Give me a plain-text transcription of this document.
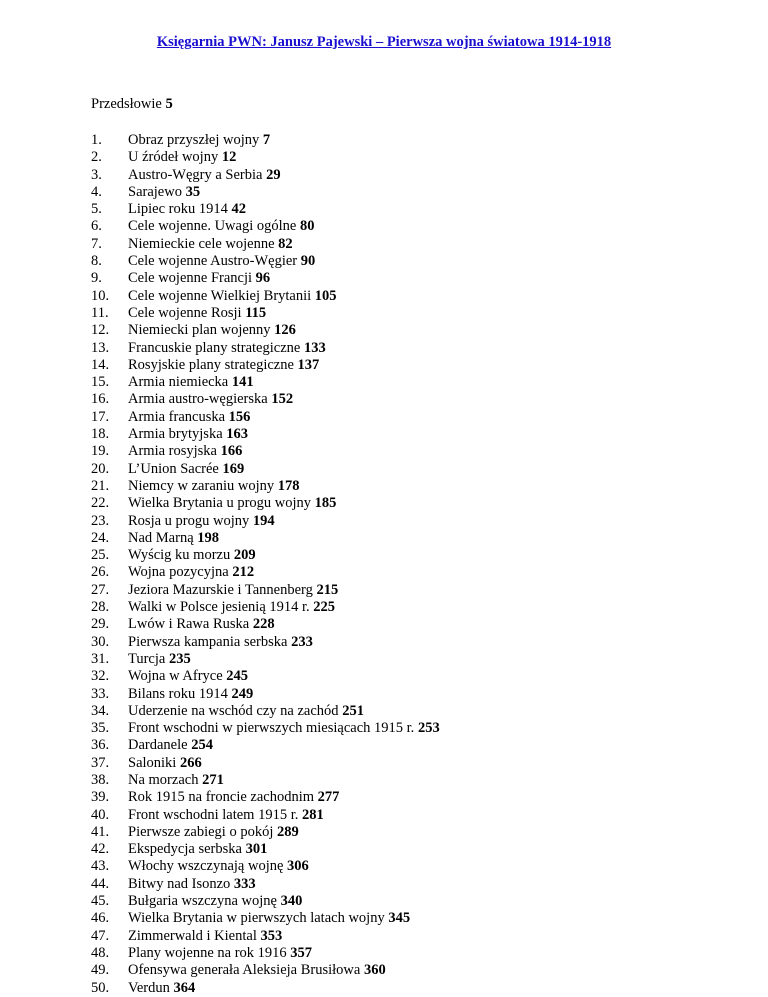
Księgarnia PWN: Janusz Pajewski – Pierwsza wojna światowa 1914-1918
Przedsłowie 5
1. Obraz przyszłej wojny 7
2. U źródeł wojny 12
3. Austro-Węgry a Serbia 29
4. Sarajewo 35
5. Lipiec roku 1914 42
6. Cele wojenne. Uwagi ogólne 80
7. Niemieckie cele wojenne 82
8. Cele wojenne Austro-Węgier 90
9. Cele wojenne Francji 96
10. Cele wojenne Wielkiej Brytanii 105
11. Cele wojenne Rosji 115
12. Niemiecki plan wojenny 126
13. Francuskie plany strategiczne 133
14. Rosyjskie plany strategiczne 137
15. Armia niemiecka 141
16. Armia austro-węgierska 152
17. Armia francuska 156
18. Armia brytyjska 163
19. Armia rosyjska 166
20. L’Union Sacrée 169
21. Niemcy w zaraniu wojny 178
22. Wielka Brytania u progu wojny 185
23. Rosja u progu wojny 194
24. Nad Marną 198
25. Wyścig ku morzu 209
26. Wojna pozycyjna 212
27. Jeziora Mazurskie i Tannenberg 215
28. Walki w Polsce jesienią 1914 r. 225
29. Lwów i Rawa Ruska 228
30. Pierwsza kampania serbska 233
31. Turcja 235
32. Wojna w Afryce 245
33. Bilans roku 1914 249
34. Uderzenie na wschód czy na zachód 251
35. Front wschodni w pierwszych miesiącach 1915 r. 253
36. Dardanele 254
37. Saloniki 266
38. Na morzach 271
39. Rok 1915 na froncie zachodnim 277
40. Front wschodni latem 1915 r. 281
41. Pierwsze zabiegi o pokój 289
42. Ekspedycja serbska 301
43. Włochy wszczynają wojnę 306
44. Bitwy nad Isonzo 333
45. Bułgaria wszczyna wojnę 340
46. Wielka Brytania w pierwszych latach wojny 345
47. Zimmerwald i Kiental 353
48. Plany wojenne na rok 1916 357
49. Ofensywa generała Aleksieja Brusiłowa 360
50. Verdun 364
